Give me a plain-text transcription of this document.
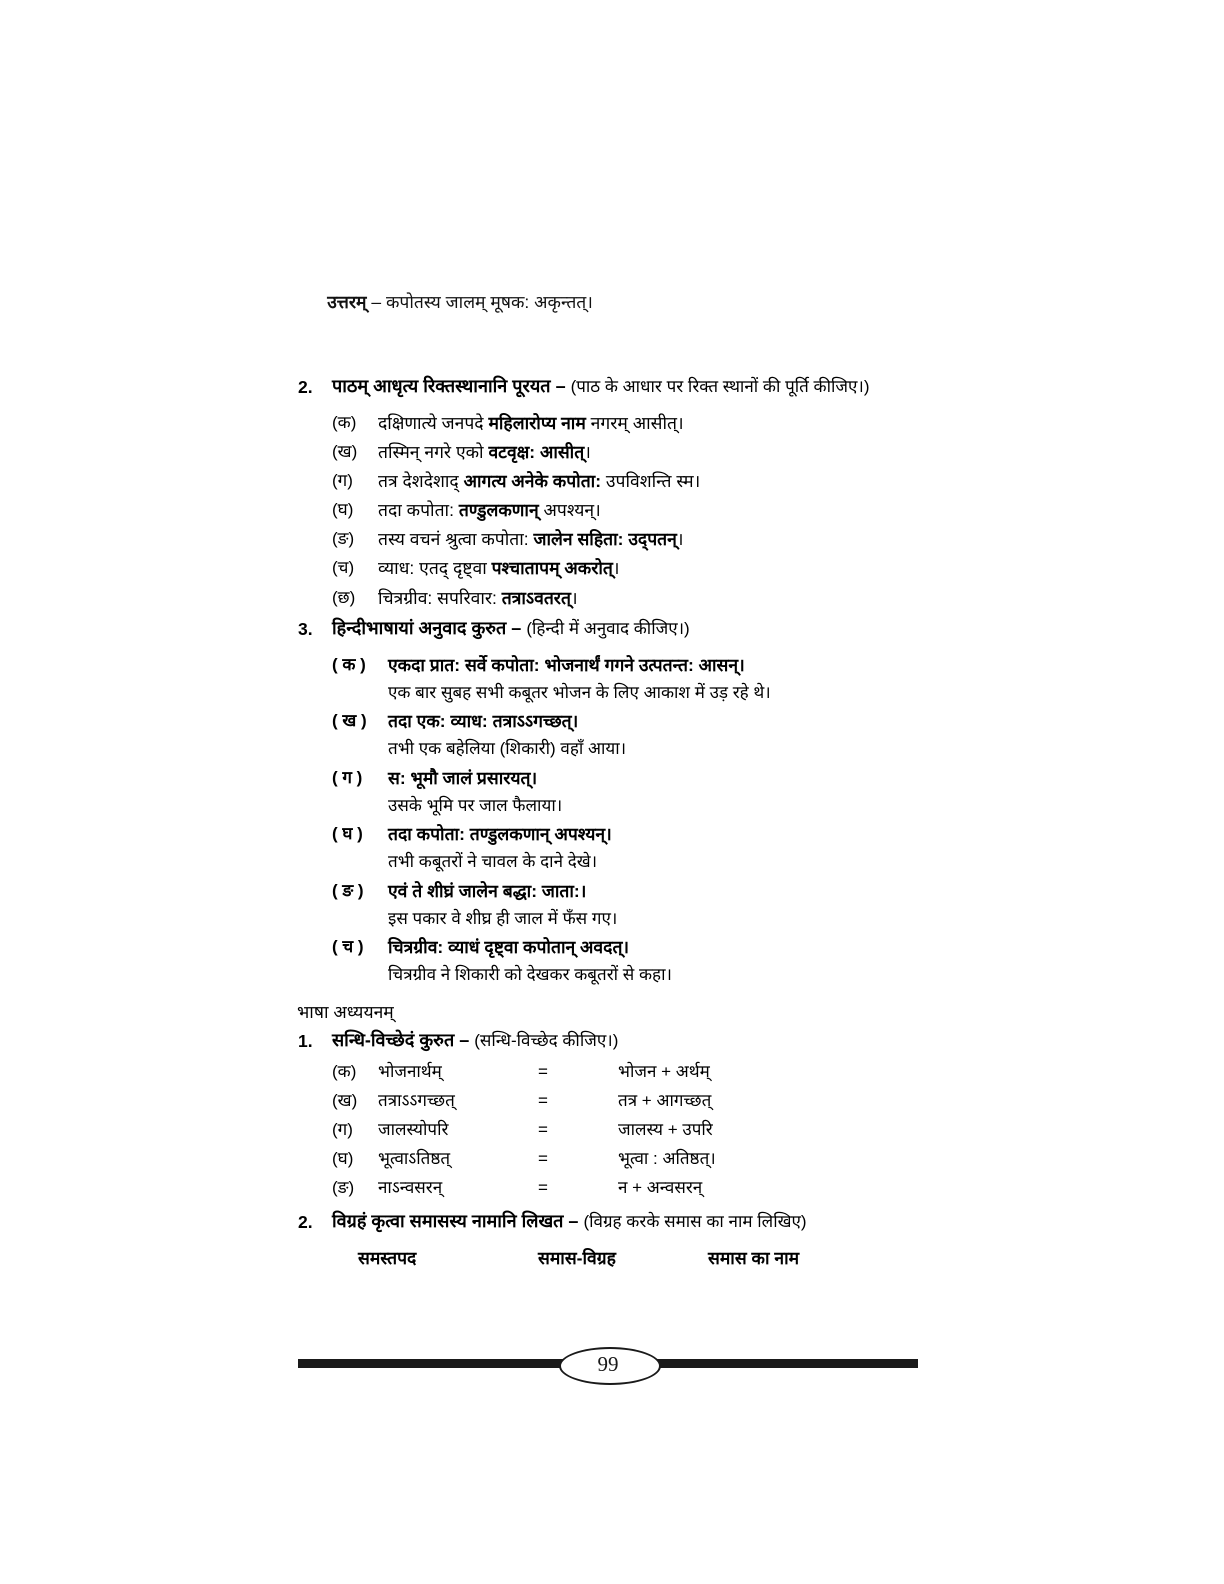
उत्तरम् – कपोतस्य जालम् मूषक: अकृन्तत्।

2.	पाठम् आधृत्य रिक्तस्थानानि पूरयत – (पाठ के आधार पर रिक्त स्थानों की पूर्ति कीजिए।)
(क)	दक्षिणात्ये जनपदे महिलारोप्य नाम नगरम् आसीत्।
(ख)	तस्मिन् नगरे एको वटवृक्ष: आसीत्।
(ग)	तत्र देशदेशाद् आगत्य अनेके कपोता: उपविशन्ति स्म।
(घ)	तदा कपोता: तण्डुलकणान् अपश्यन्।
(ङ)	तस्य वचनं श्रुत्वा कपोता: जालेन सहिता: उद्पतन्।
(च)	व्याध: एतद् दृष्ट्वा पश्चातापम् अकरोत्।
(छ)	चित्रग्रीव: सपरिवार: तत्राऽवतरत्।
3.	हिन्दीभाषायां अनुवाद कुरुत – (हिन्दी में अनुवाद कीजिए।)
( क )	एकदा प्रात: सर्वे कपोता: भोजनार्थं गगने उत्पतन्त: आसन्।
एक बार सुबह सभी कबूतर भोजन के लिए आकाश में उड़ रहे थे।
( ख )	तदा एक: व्याध: तत्राऽऽगच्छत्।
तभी एक बहेलिया (शिकारी) वहाँ आया।
( ग )	स: भूमौ जालं प्रसारयत्।
उसके भूमि पर जाल फैलाया।
( घ )	तदा कपोता: तण्डुलकणान् अपश्यन्।
तभी कबूतरों ने चावल के दाने देखे।
( ङ )	एवं ते शीघ्रं जालेन बद्धा: जाता:।
इस पकार वे शीघ्र ही जाल में फँस गए।
( च )	चित्रग्रीव: व्याधं दृष्ट्वा कपोतान् अवदत्।
चित्रग्रीव ने शिकारी को देखकर कबूतरों से कहा।
भाषा अध्ययनम्
1.	सन्धि-विच्छेदं कुरुत – (सन्धि-विच्छेद कीजिए।)
(क)	भोजनार्थम्	=	भोजन + अर्थम्
(ख)	तत्राऽऽगच्छत्	=	तत्र + आगच्छत्
(ग)	जालस्योपरि	=	जालस्य + उपरि
(घ)	भूत्वाऽतिष्ठत्	=	भूत्वा : अतिष्ठत्।
(ङ)	नाऽन्वसरन्	=	न + अन्वसरन्
2.	विग्रहं कृत्वा समासस्य नामानि लिखत – (विग्रह करके समास का नाम लिखिए)
समस्तपद	समास-विग्रह	समास का नाम
99
